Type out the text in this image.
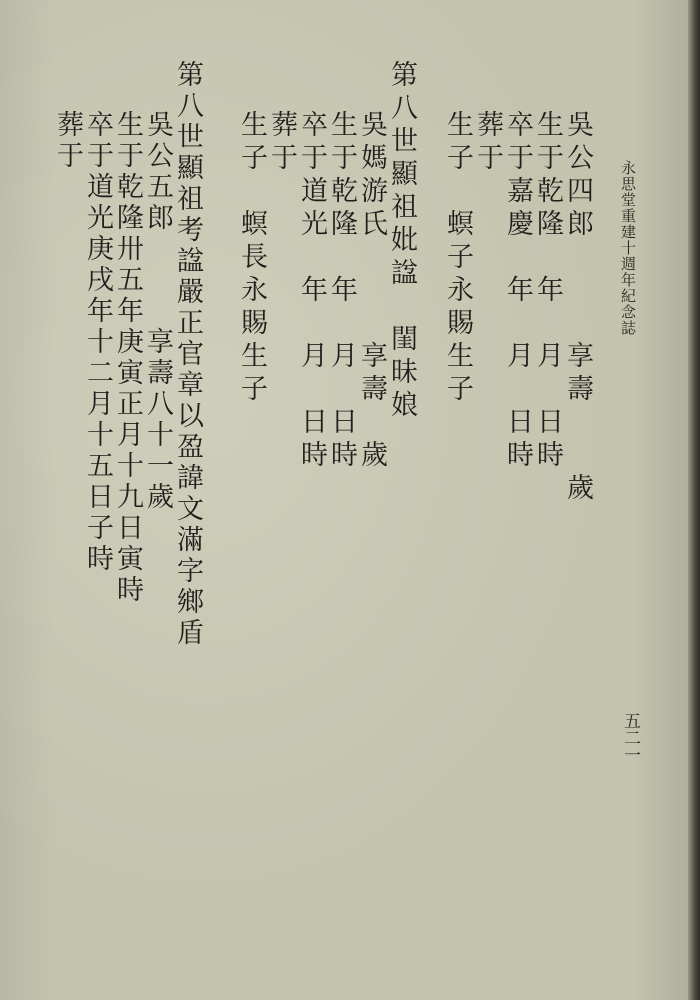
永思堂重建十週年紀念誌
五二一
吳公四郎　　　享壽　　歲
生于乾隆　年　月　日時
卒于嘉慶　年　月　日時
葬于
生子　螟子永賜生子
第八世顯祖妣諡　閨昧娘
吳媽游氏　　　享壽　歲
生于乾隆　年　月　日時
卒于道光　年　月　日時
葬于
生子　螟長永賜生子
第八世顯祖考諡嚴正官章以盈諱文滿字鄉盾
吳公五郎　　　享壽八十一歲
生于乾隆卅五年庚寅正月十九日寅時
卒于道光庚戌年十二月十五日子時
葬于
